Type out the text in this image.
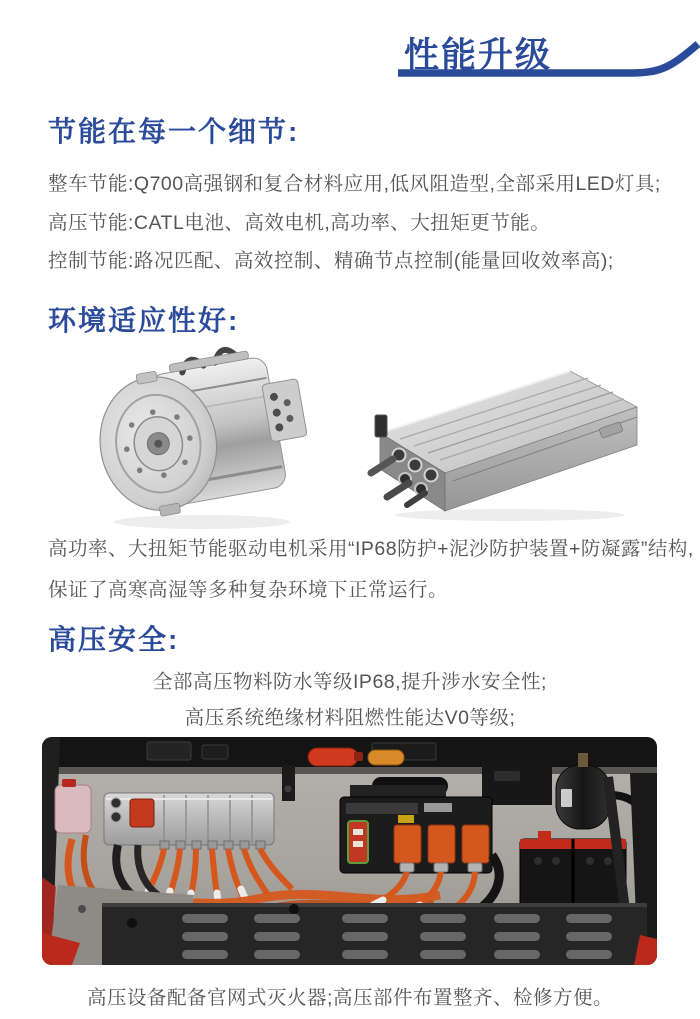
性能升级
节能在每一个细节:
整车节能:Q700高强钢和复合材料应用,低风阻造型,全部采用LED灯具;
高压节能:CATL电池、高效电机,高功率、大扭矩更节能。
控制节能:路况匹配、高效控制、精确节点控制(能量回收效率高);
环境适应性好:
高功率、大扭矩节能驱动电机采用“IP68防护+泥沙防护装置+防凝露”结构,
保证了高寒高湿等多种复杂环境下正常运行。
高压安全:
全部高压物料防水等级IP68,提升涉水安全性;
高压系统绝缘材料阻燃性能达V0等级;
高压设备配备官网式灭火器;高压部件布置整齐、检修方便。
